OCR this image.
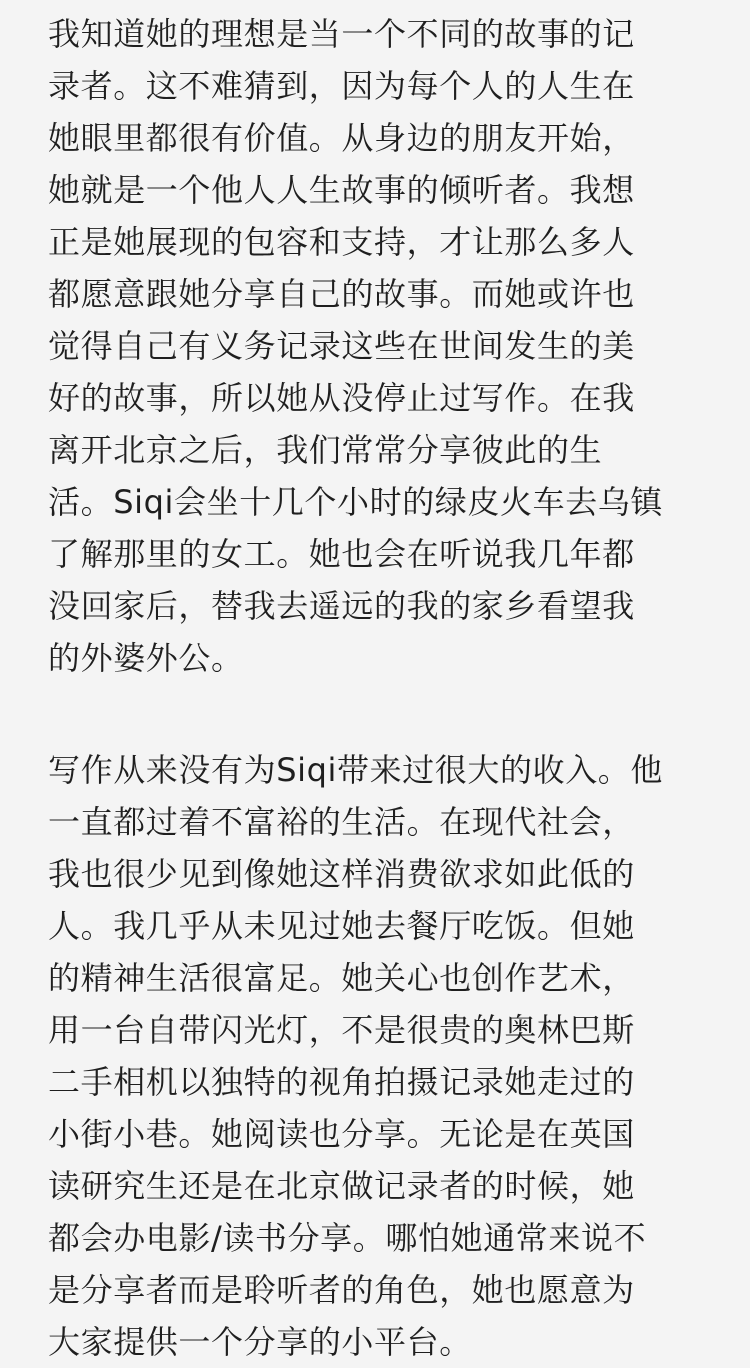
我知道她的理想是当一个不同的故事的记
录者。这不难猜到，因为每个人的人生在
她眼里都很有价值。从身边的朋友开始，
她就是一个他人人生故事的倾听者。我想
正是她展现的包容和支持，才让那么多人
都愿意跟她分享自己的故事。而她或许也
觉得自己有义务记录这些在世间发生的美
好的故事，所以她从没停止过写作。在我
离开北京之后，我们常常分享彼此的生
活。Siqi会坐十几个小时的绿皮火车去乌镇
了解那里的女工。她也会在听说我几年都
没回家后，替我去遥远的我的家乡看望我
的外婆外公。
写作从来没有为Siqi带来过很大的收入。他
一直都过着不富裕的生活。在现代社会，
我也很少见到像她这样消费欲求如此低的
人。我几乎从未见过她去餐厅吃饭。但她
的精神生活很富足。她关心也创作艺术，
用一台自带闪光灯，不是很贵的奥林巴斯
二手相机以独特的视角拍摄记录她走过的
小街小巷。她阅读也分享。无论是在英国
读研究生还是在北京做记录者的时候，她
都会办电影/读书分享。哪怕她通常来说不
是分享者而是聆听者的角色，她也愿意为
大家提供一个分享的小平台。
